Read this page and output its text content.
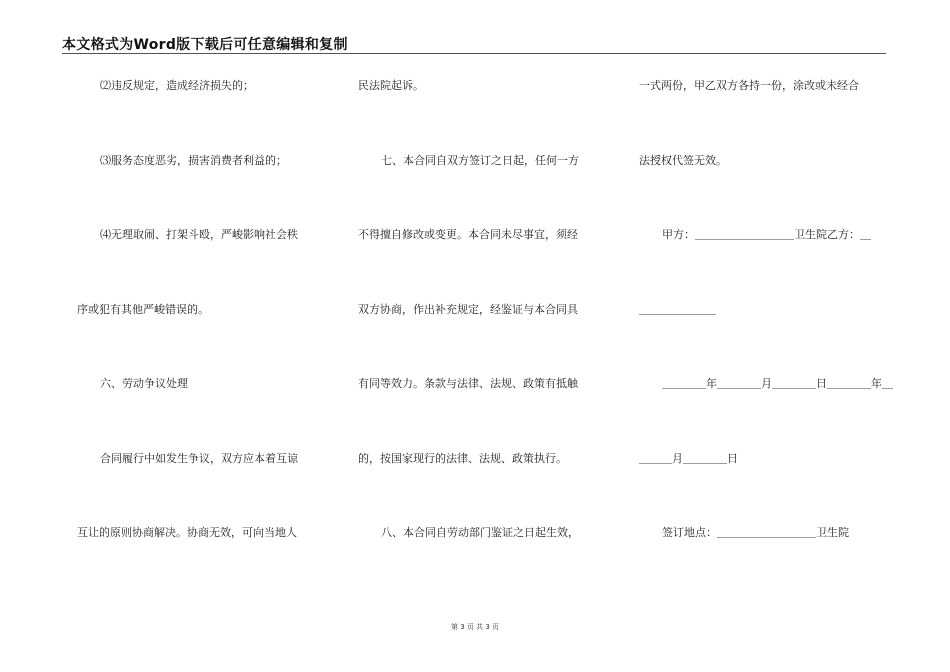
本文格式为Word版下载后可任意编辑和复制
⑵违反规定，造成经济损失的；
⑶服务态度恶劣，损害消费者利益的；
⑷无理取闹、打架斗殴，严峻影响社会秩
序或犯有其他严峻错误的。
六、劳动争议处理
合同履行中如发生争议，双方应本着互谅
互让的原则协商解决。协商无效，可向当地人
民法院起诉。
七、本合同自双方签订之日起，任何一方
不得擅自修改或变更。本合同未尽事宜，须经
双方协商，作出补充规定，经鉴证与本合同具
有同等效力。条款与法律、法规、政策有抵触
的，按国家现行的法律、法规、政策执行。
八、本合同自劳动部门鉴证之日起生效，
一式两份，甲乙双方各持一份，涂改或未经合
法授权代签无效。
甲方：＿＿＿＿＿＿＿＿＿卫生院乙方：＿
＿＿＿＿＿＿＿
＿＿＿＿年＿＿＿＿月＿＿＿＿日＿＿＿＿年＿
＿＿＿月＿＿＿＿日
签订地点：＿＿＿＿＿＿＿＿＿卫生院
第 3 页 共 3 页
